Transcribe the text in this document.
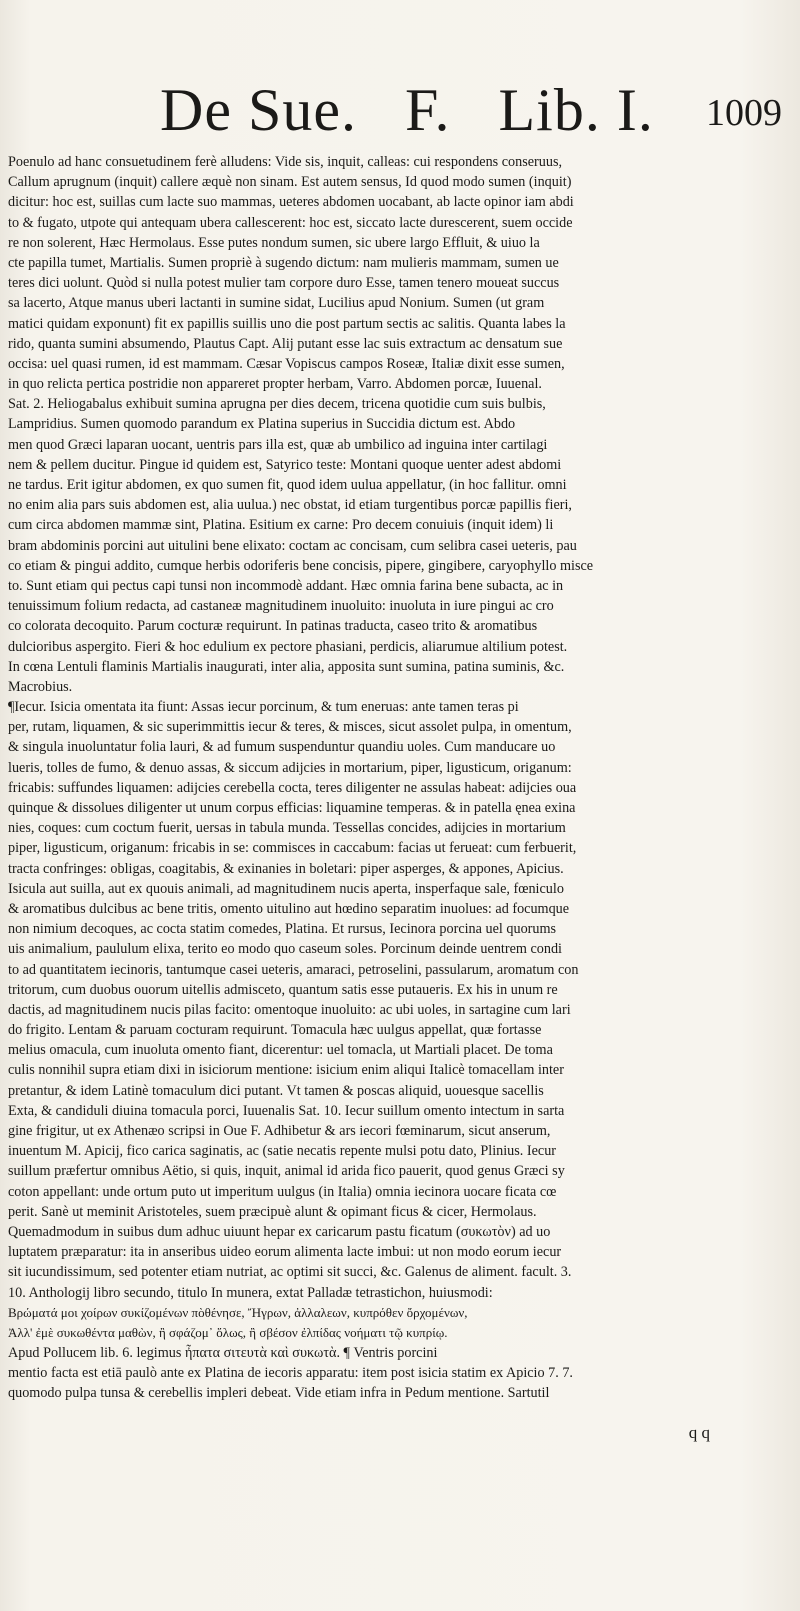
De Sue.   F.   Lib. I. 1009
Poenulo ad hanc consuetudinem ferè alludens: Vide sis, inquit, calleas: cui respondens conseruus,
Callum aprugnum (inquit) callere æquè non sinam. Est autem sensus, Id quod modo sumen (inquit)
dicitur: hoc est, suillas cum lacte suo mammas, ueteres abdomen uocabant, ab lacte opinor iam abdi
to & fugato, utpote qui antequam ubera callescerent: hoc est, siccato lacte durescerent, suem occide
re non solerent, Hæc Hermolaus. Esse putes nondum sumen, sic ubere largo Effluit, & uiuo la
cte papilla tumet, Martialis. Sumen propriè à sugendo dictum: nam mulieris mammam, sumen ue
teres dici uolunt. Quòd si nulla potest mulier tam corpore duro Esse, tamen tenero moueat succus
sa lacerto, Atque manus uberi lactanti in sumine sidat, Lucilius apud Nonium. Sumen (ut gram
matici quidam exponunt) fit ex papillis suillis uno die post partum sectis ac salitis. Quanta labes la
rido, quanta sumini absumendo, Plautus Capt. Alij putant esse lac suis extractum ac densatum sue
occisa: uel quasi rumen, id est mammam. Cæsar Vopiscus campos Roseæ, Italiæ dixit esse sumen,
in quo relicta pertica postridie non appareret propter herbam, Varro. Abdomen porcæ, Iuuenal.
Sat. 2. Heliogabalus exhibuit sumina aprugna per dies decem, tricena quotidie cum suis bulbis,
Lampridius. Sumen quomodo parandum ex Platina superius in Succidia dictum est. Abdo
men quod Græci laparan uocant, uentris pars illa est, quæ ab umbilico ad inguina inter cartilagi
nem & pellem ducitur. Pingue id quidem est, Satyrico teste: Montani quoque uenter adest abdomi
ne tardus. Erit igitur abdomen, ex quo sumen fit, quod idem uulua appellatur, (in hoc fallitur. omni
no enim alia pars suis abdomen est, alia uulua.) nec obstat, id etiam turgentibus porcæ papillis fieri,
cum circa abdomen mammæ sint, Platina. Esitium ex carne: Pro decem conuiuis (inquit idem) li
bram abdominis porcini aut uitulini bene elixato: coctam ac concisam, cum selibra casei ueteris, pau
co etiam & pingui addito, cumque herbis odoriferis bene concisis, pipere, gingibere, caryophyllo misce
to. Sunt etiam qui pectus capi tunsi non incommodè addant. Hæc omnia farina bene subacta, ac in
tenuissimum folium redacta, ad castaneæ magnitudinem inuoluito: inuoluta in iure pingui ac cro
co colorata decoquito. Parum cocturæ requirunt. In patinas traducta, caseo trito & aromatibus
dulcioribus aspergito. Fieri & hoc edulium ex pectore phasiani, perdicis, aliarumue altilium potest.
In cœna Lentuli flaminis Martialis inaugurati, inter alia, apposita sunt sumina, patina suminis, &c.
Macrobius.
¶Iecur. Isicia omentata ita fiunt: Assas iecur porcinum, & tum eneruas: ante tamen teras pi
per, rutam, liquamen, & sic superimmittis iecur & teres, & misces, sicut assolet pulpa, in omentum,
& singula inuoluntatur folia lauri, & ad fumum suspenduntur quandiu uoles. Cum manducare uo
lueris, tolles de fumo, & denuo assas, & siccum adijcies in mortarium, piper, ligusticum, origanum:
fricabis: suffundes liquamen: adijcies cerebella cocta, teres diligenter ne assulas habeat: adijcies oua
quinque & dissolues diligenter ut unum corpus efficias: liquamine temperas. & in patella ęnea exina
nies, coques: cum coctum fuerit, uersas in tabula munda. Tessellas concides, adijcies in mortarium
piper, ligusticum, origanum: fricabis in se: commisces in caccabum: facias ut ferueat: cum ferbuerit,
tracta confringes: obligas, coagitabis, & exinanies in boletari: piper asperges, & appones, Apicius.
Isicula aut suilla, aut ex quouis animali, ad magnitudinem nucis aperta, insperfaque sale, fœniculo
& aromatibus dulcibus ac bene tritis, omento uitulino aut hœdino separatim inuolues: ad focumque
non nimium decoques, ac cocta statim comedes, Platina. Et rursus, Iecinora porcina uel quorums
uis animalium, paululum elixa, terito eo modo quo caseum soles. Porcinum deinde uentrem condi
to ad quantitatem iecinoris, tantumque casei ueteris, amaraci, petroselini, passularum, aromatum con
tritorum, cum duobus ouorum uitellis admisceto, quantum satis esse putaueris. Ex his in unum re
dactis, ad magnitudinem nucis pilas facito: omentoque inuoluito: ac ubi uoles, in sartagine cum lari
do frigito. Lentam & paruam cocturam requirunt. Tomacula hæc uulgus appellat, quæ fortasse
melius omacula, cum inuoluta omento fiant, dicerentur: uel tomacla, ut Martiali placet. De toma
culis nonnihil supra etiam dixi in isiciorum mentione: isicium enim aliqui Italicè tomacellam inter
pretantur, & idem Latinè tomaculum dici putant. Vt tamen & poscas aliquid, uouesque sacellis
Exta, & candiduli diuina tomacula porci, Iuuenalis Sat. 10. Iecur suillum omento intectum in sarta
gine frigitur, ut ex Athenæo scripsi in Oue F. Adhibetur & ars iecori fœminarum, sicut anserum,
inuentum M. Apicij, fico carica saginatis, ac (satie necatis repente mulsi potu dato, Plinius. Iecur
suillum præfertur omnibus Aëtio, si quis, inquit, animal id arida fico pauerit, quod genus Græci sy
coton appellant: unde ortum puto ut imperitum uulgus (in Italia) omnia iecinora uocare ficata cœ
perit. Sanè ut meminit Aristoteles, suem præcipuè alunt & opimant ficus & cicer, Hermolaus.
Quemadmodum in suibus dum adhuc uiuunt hepar ex caricarum pastu ficatum (συκωτὸν) ad uo
luptatem præparatur: ita in anseribus uideo eorum alimenta lacte imbui: ut non modo eorum iecur
sit iucundissimum, sed potenter etiam nutriat, ac optimi sit succi, &c. Galenus de aliment. facult. 3.
10. Anthologij libro secundo, titulo In munera, extat Palladæ tetrastichon, huiusmodi:
Βρώματά μοι χοίρων συκίζομένων πὸθένησε, Ἤγρων, ἀλλαλεων, κυπρόθεν ὄρχομένων,
Ἀλλ' ἐμὲ συκωθέντα μαθὼν, ἢ σφάζομ᾽ ὅλως, ἢ σβέσον ἐλπίδας νοήματι τῷ κυπρίῳ.
Apud Pollucem lib. 6. legimus ἦπατα σιτευτὰ καὶ συκωτὰ. ¶ Ventris porcini
mentio facta est etiā paulò ante ex Platina de iecoris apparatu: item post isicia statim ex Apicio 7. 7.
quomodo pulpa tunsa & cerebellis impleri debeat. Vide etiam infra in Pedum mentione. Sartutil
q q
